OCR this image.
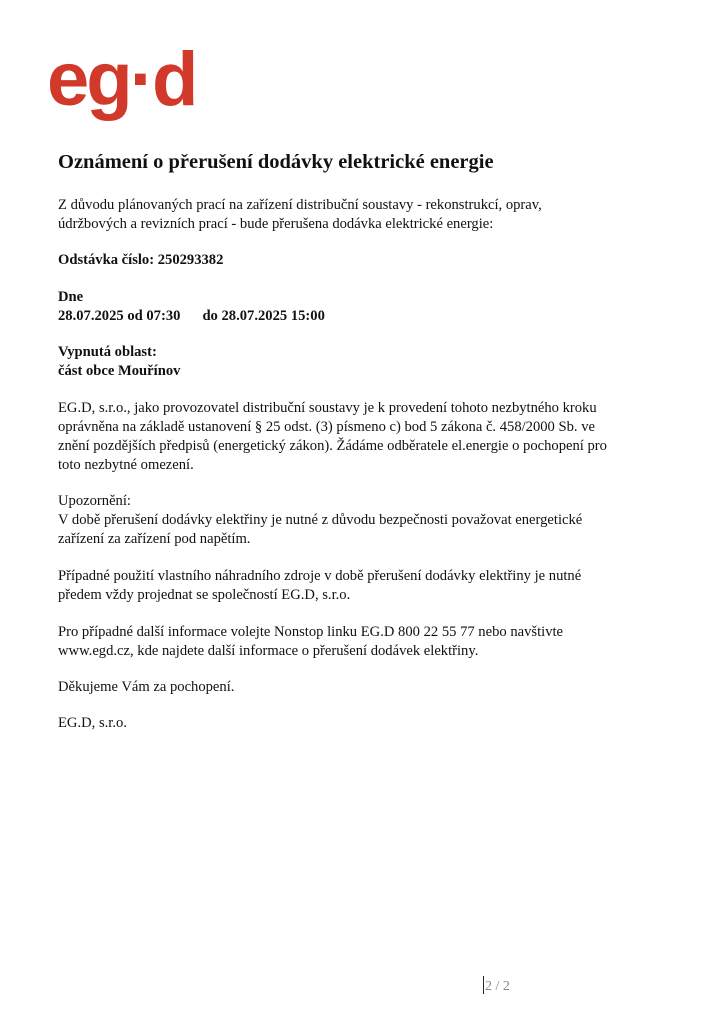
eg·d
Oznámení o přerušení dodávky elektrické energie
Z důvodu plánovaných prací na zařízení distribuční soustavy - rekonstrukcí, oprav,
údržbových a revizních prací - bude přerušena dodávka elektrické energie:
Odstávka číslo: 250293382
Dne
28.07.2025 od 07:30 do 28.07.2025 15:00
Vypnutá oblast:
část obce Mouřínov
EG.D, s.r.o., jako provozovatel distribuční soustavy je k provedení tohoto nezbytného kroku
oprávněna na základě ustanovení § 25 odst. (3) písmeno c) bod 5 zákona č. 458/2000 Sb. ve
znění pozdějších předpisů (energetický zákon). Žádáme odběratele el.energie o pochopení pro
toto nezbytné omezení.
Upozornění:
V době přerušení dodávky elektřiny je nutné z důvodu bezpečnosti považovat energetické
zařízení za zařízení pod napětím.
Případné použití vlastního náhradního zdroje v době přerušení dodávky elektřiny je nutné
předem vždy projednat se společností EG.D, s.r.o.
Pro případné další informace volejte Nonstop linku EG.D 800 22 55 77 nebo navštivte
www.egd.cz, kde najdete další informace o přerušení dodávek elektřiny.
Děkujeme Vám za pochopení.
EG.D, s.r.o.
2 / 2
